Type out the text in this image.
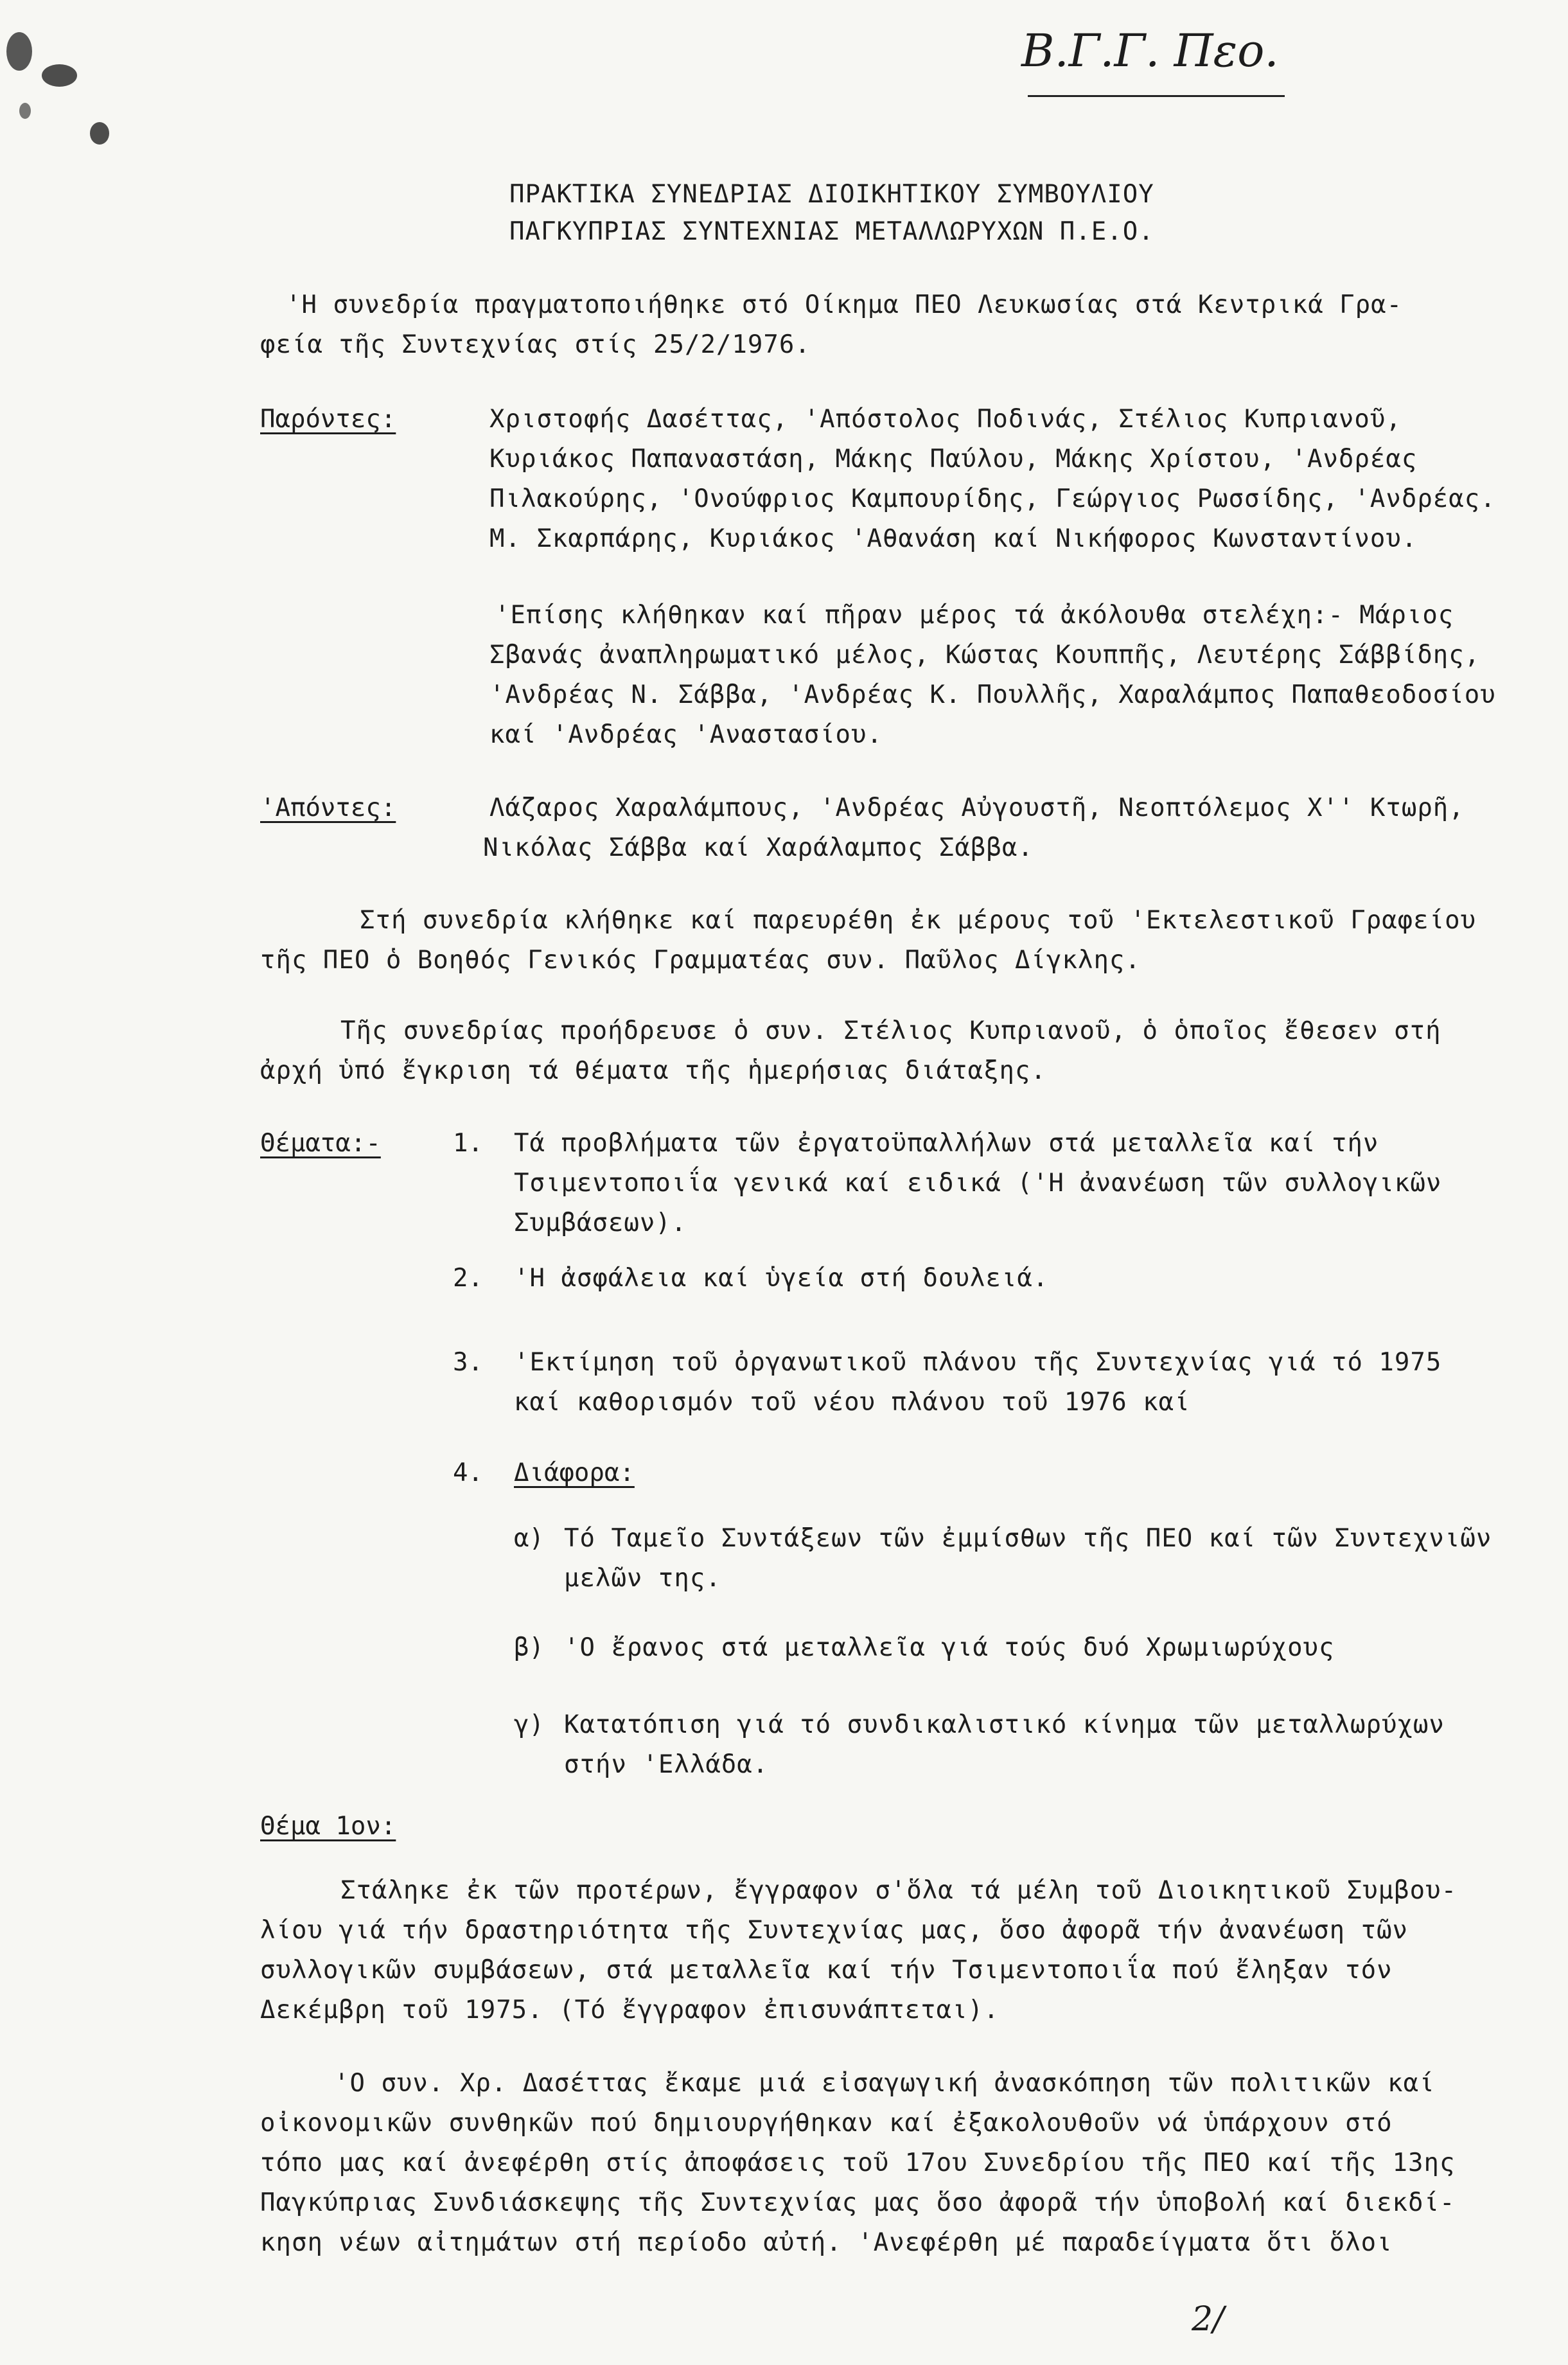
Β.Γ.Γ. Πεο.
ΠΡΑΚΤΙΚΑ ΣΥΝΕΔΡΙΑΣ ΔΙΟΙΚΗΤΙΚΟΥ ΣΥΜΒΟΥΛΙΟΥ
ΠΑΓΚΥΠΡΙΑΣ ΣΥΝΤΕΧΝΙΑΣ ΜΕΤΑΛΛΩΡΥΧΩΝ Π.Ε.Ο.
'Η συνεδρία πραγματοποιήθηκε στό Οίκημα ΠΕΟ Λευκωσίας στά Κεντρικά Γρα-
φεία τῆς Συντεχνίας στίς 25/2/1976.
Παρόντες:	Χριστοφής Δασέττας, 'Απόστολος Ποδινάς, Στέλιος Κυπριανοῦ,
Κυριάκος Παπαναστάση, Μάκης Παύλου, Μάκης Χρίστου, 'Ανδρέας
Πιλακούρης, 'Ονούφριος Καμπουρίδης, Γεώργιος Ρωσσίδης, 'Ανδρέας.
Μ. Σκαρπάρης, Κυριάκος 'Αθανάση καί Νικήφορος Κωνσταντίνου.
'Επίσης κλήθηκαν καί πῆραν μέρος τά ἀκόλουθα στελέχη:- Μάριος
Σβανάς ἀναπληρωματικό μέλος, Κώστας Κουππῆς, Λευτέρης Σάββίδης,
'Ανδρέας Ν. Σάββα, 'Ανδρέας Κ. Πουλλῆς, Χαραλάμπος Παπαθεοδοσίου
καί 'Ανδρέας 'Αναστασίου.
'Απόντες:	Λάζαρος Χαραλάμπους, 'Ανδρέας Αὐγουστῆ, Νεοπτόλεμος Χ'' Κτωρῆ,
Νικόλας Σάββα καί Χαράλαμπος Σάββα.
Στή συνεδρία κλήθηκε καί παρευρέθη ἐκ μέρους τοῦ 'Εκτελεστικοῦ Γραφείου
τῆς ΠΕΟ ὁ Βοηθός Γενικός Γραμματέας συν. Παῦλος Δίγκλης.
Τῆς συνεδρίας προήδρευσε ὁ συν. Στέλιος Κυπριανοῦ, ὁ ὁποῖος ἔθεσεν στή
ἀρχή ὑπό ἔγκριση τά θέματα τῆς ἡμερήσιας διάταξης.
Θέματα:-	1. Τά προβλήματα τῶν ἐργατοϋπαλλήλων στά μεταλλεῖα καί τήν
Τσιμεντοποιΐα γενικά καί ειδικά ('Η ἀνανέωση τῶν συλλογικῶν
Συμβάσεων).
2. 'Η ἀσφάλεια καί ὑγεία στή δουλειά.
3. 'Εκτίμηση τοῦ ὀργανωτικοῦ πλάνου τῆς Συντεχνίας γιά τό 1975
καί καθορισμόν τοῦ νέου πλάνου τοῦ 1976 καί
4. Διάφορα:
α) Τό Ταμεῖο Συντάξεων τῶν ἐμμίσθων τῆς ΠΕΟ καί τῶν Συντεχνιῶν
μελῶν της.
β) 'Ο ἔρανος στά μεταλλεῖα γιά τούς δυό Χρωμιωρύχους
γ) Κατατόπιση γιά τό συνδικαλιστικό κίνημα τῶν μεταλλωρύχων
στήν 'Ελλάδα.
Θέμα 1ον:
Στάληκε ἐκ τῶν προτέρων, ἔγγραφον σ'ὅλα τά μέλη τοῦ Διοικητικοῦ Συμβου-
λίου γιά τήν δραστηριότητα τῆς Συντεχνίας μας, ὅσο ἀφορᾶ τήν ἀνανέωση τῶν
συλλογικῶν συμβάσεων, στά μεταλλεῖα καί τήν Τσιμεντοποιΐα πού ἔληξαν τόν
Δεκέμβρη τοῦ 1975. (Τό ἔγγραφον ἐπισυνάπτεται).
'Ο συν. Χρ. Δασέττας ἔκαμε μιά εἰσαγωγική ἀνασκόπηση τῶν πολιτικῶν καί
οἰκονομικῶν συνθηκῶν πού δημιουργήθηκαν καί ἐξακολουθοῦν νά ὑπάρχουν στό
τόπο μας καί ἀνεφέρθη στίς ἀποφάσεις τοῦ 17ου Συνεδρίου τῆς ΠΕΟ καί τῆς 13ης
Παγκύπριας Συνδιάσκεψης τῆς Συντεχνίας μας ὅσο ἀφορᾶ τήν ὑποβολή καί διεκδί-
κηση νέων αἰτημάτων στή περίοδο αὐτή. 'Ανεφέρθη μέ παραδείγματα ὅτι ὅλοι
2/
